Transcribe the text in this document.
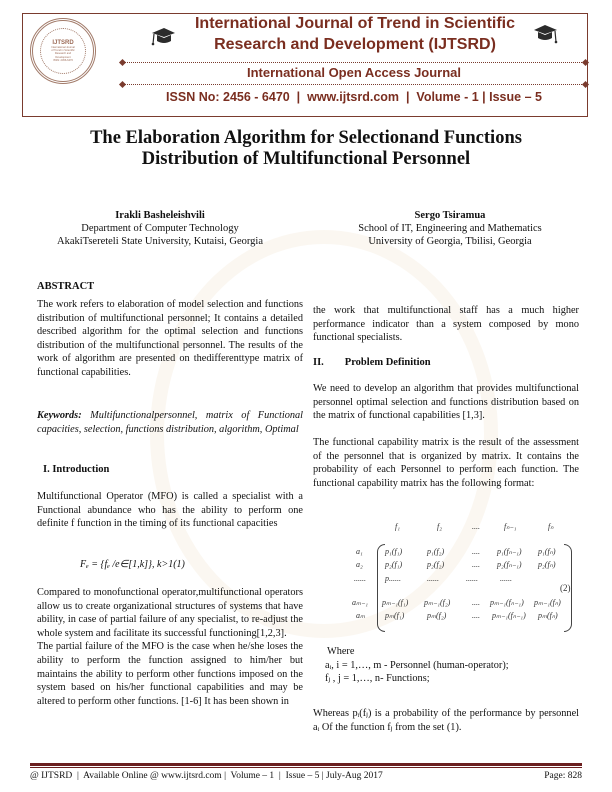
IJTSRD
International Journal
of Trend in Scientific
Research and
Development
ISSN: 2456-6470
International Journal of Trend in Scientific
Research and Development (IJTSRD)
International Open Access Journal
ISSN No: 2456 - 6470  |  www.ijtsrd.com  |  Volume - 1 | Issue – 5
The Elaboration Algorithm for Selectionand Functions
Distribution of Multifunctional Personnel
Irakli Basheleishvili
Department of Computer Technology
AkakiTsereteli State University, Kutaisi, Georgia
Sergo Tsiramua
School of IT, Engineering and Mathematics
University of Georgia, Tbilisi, Georgia
ABSTRACT

The work refers to elaboration of model selection and functions distribution of multifunctional personnel; It contains a detailed described algorithm for the optimal selection and functions distribution of the multifunctional personnel. The results of the work of algorithm are presented on thedifferenttype matrix of functional capabilities.

Keywords: Multifunctionalpersonnel, matrix of Functional capacities, selection, functions distribution, algorithm, Optimal
I. Introduction

Multifunctional Operator (MFO) is called a specialist with a Functional abundance who has the ability to perform one definite f function in the timing of its functional capacities

Fₑ = {fₑ /e∈[1,k]}, k>1(1)

Compared to monofunctional operator,multifunctional operators allow us to create organizational structures of systems that have ability, in case of partial failure of any specialist, to re-adjust the whole system and facilitate its successful functioning[1,2,3].

The partial failure of the MFO is the case when he/she loses the ability to perform the function assigned to him/her but maintains the ability to perform other functions imposed on the system based on his/her functional capabilities and may be altered to perform other functions. [1-6] It has been shown in

the work that multifunctional staff has a much higher performance indicator than a system composed by mono functional specialists.

II.        Problem Definition

We need to develop an algorithm that provides multifunctional personnel optimal selection and functions distribution based on the matrix of functional capabilities [1,3].

The functional capability matrix is the result of the assessment of the personnel that is organized by matrix. It contains the probability of each Personnel to perform each function. The functional capability matrix has the following format:

f₁	f₂	....	fₙ₋₁	fₙ
a₁	p₁(f₁)	p₁(f₂)	.... p₁(fₙ₋₁) p₁(fₙ)
a₂	p₂(f₁)	p₂(f₂)	.... p₂(fₙ₋₁) p₂(fₙ)
...... p......	......	......	......
(2)
aₘ₋₁ pₘ₋₁(f₁) pₘ₋₁(f₂)	.... pₘ₋₁(fₙ₋₁) pₘ₋₁(fₙ)
aₘ	pₘ(f₁)	pₘ(f₂)	.... pₘ₋₁(fₙ₋₁) pₘ(fₙ)
Where
aᵢ, i = 1,…, m - Personnel (human-operator);
fⱼ , j = 1,…, n- Functions;

Whereas pᵢ(fⱼ) is a probability of the performance by personnel aᵢ Of the function fⱼ from the set (1).

@ IJTSRD  |  Available Online @ www.ijtsrd.com |  Volume – 1  |  Issue – 5 | July-Aug 2017	Page: 828
